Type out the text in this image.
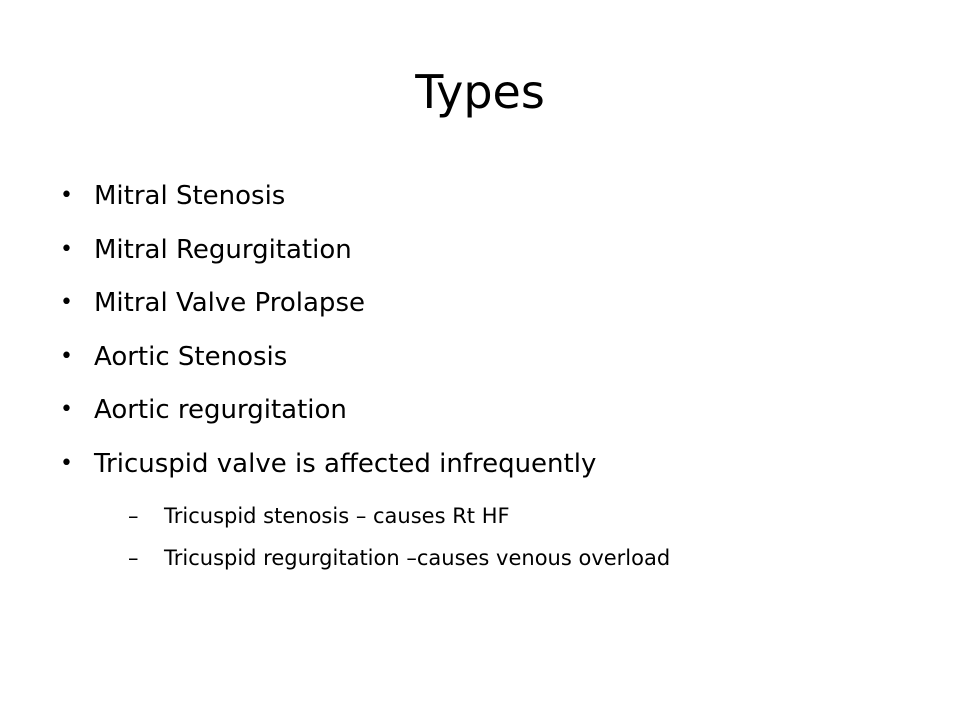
Types
• Mitral Stenosis
• Mitral Regurgitation
• Mitral Valve Prolapse
• Aortic Stenosis
• Aortic regurgitation
• Tricuspid valve is affected infrequently
– Tricuspid stenosis – causes Rt HF
– Tricuspid regurgitation –causes venous overload
